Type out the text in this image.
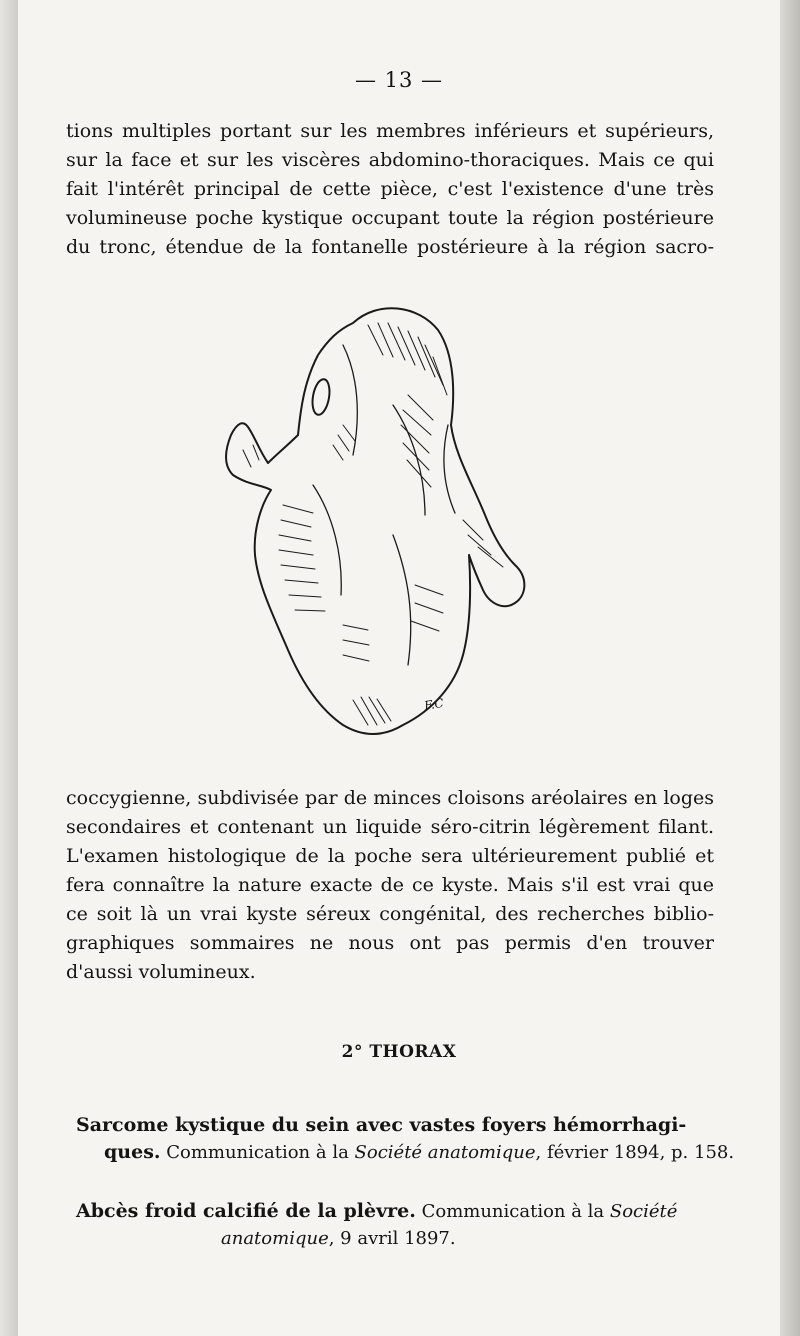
— 13 —

tions multiples portant sur les membres inférieurs et supérieurs,
sur la face et sur les viscères abdomino-thoraciques. Mais ce qui
fait l'intérêt principal de cette pièce, c'est l'existence d'une très
volumineuse poche kystique occupant toute la région postérieure
du tronc, étendue de la fontanelle postérieure à la région sacro-

F.C

coccygienne, subdivisée par de minces cloisons aréolaires en loges
secondaires et contenant un liquide séro-citrin légèrement filant.
L'examen histologique de la poche sera ultérieurement publié et
fera connaître la nature exacte de ce kyste. Mais s'il est vrai que
ce soit là un vrai kyste séreux congénital, des recherches biblio-
graphiques sommaires ne nous ont pas permis d'en trouver
d'aussi volumineux.

2° THORAX

Sarcome kystique du sein avec vastes foyers hémorrhagi-
ques. Communication à la Société anatomique, février 1894, p. 158.

Abcès froid calcifié de la plèvre. Communication à la Société
anatomique, 9 avril 1897.
